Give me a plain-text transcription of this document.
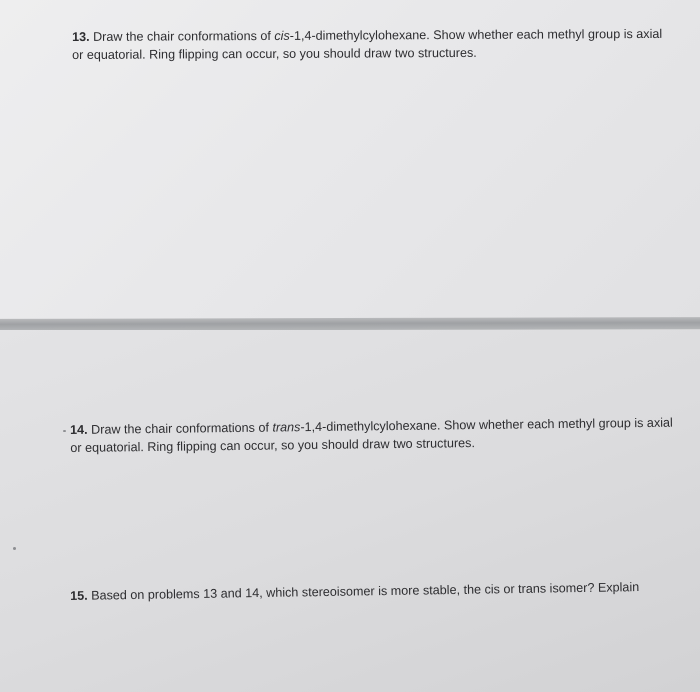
13. Draw the chair conformations of cis-1,4-dimethylcylohexane. Show whether each methyl group is axial or equatorial. Ring flipping can occur, so you should draw two structures.

14. Draw the chair conformations of trans-1,4-dimethylcylohexane. Show whether each methyl group is axial or equatorial. Ring flipping can occur, so you should draw two structures.

15. Based on problems 13 and 14, which stereoisomer is more stable, the cis or trans isomer? Explain
